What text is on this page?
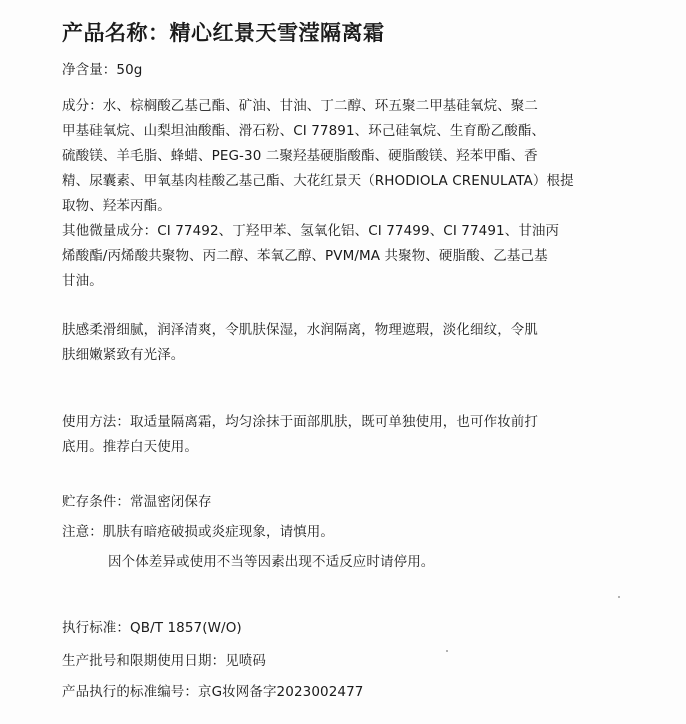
产品名称：精心红景天雪滢隔离霜
净含量：50g
成分：水、棕榈酸乙基己酯、矿油、甘油、丁二醇、环五聚二甲基硅氧烷、聚二
甲基硅氧烷、山梨坦油酸酯、滑石粉、CI 77891、环己硅氧烷、生育酚乙酸酯、
硫酸镁、羊毛脂、蜂蜡、PEG-30 二聚羟基硬脂酸酯、硬脂酸镁、羟苯甲酯、香
精、尿囊素、甲氧基肉桂酸乙基己酯、大花红景天（RHODIOLA CRENULATA）根提
取物、羟苯丙酯。
其他微量成分：CI 77492、丁羟甲苯、氢氧化铝、CI 77499、CI 77491、甘油丙
烯酸酯/丙烯酸共聚物、丙二醇、苯氧乙醇、PVM/MA 共聚物、硬脂酸、乙基己基
甘油。
肤感柔滑细腻，润泽清爽，令肌肤保湿，水润隔离，物理遮瑕，淡化细纹，令肌
肤细嫩紧致有光泽。
使用方法：取适量隔离霜，均匀涂抹于面部肌肤，既可单独使用，也可作妆前打
底用。推荐白天使用。
贮存条件：常温密闭保存
注意：肌肤有暗疮破损或炎症现象，请慎用。
因个体差异或使用不当等因素出现不适反应时请停用。
执行标准：QB/T 1857(W/O)
生产批号和限期使用日期：见喷码
产品执行的标准编号：京G妆网备字2023002477
